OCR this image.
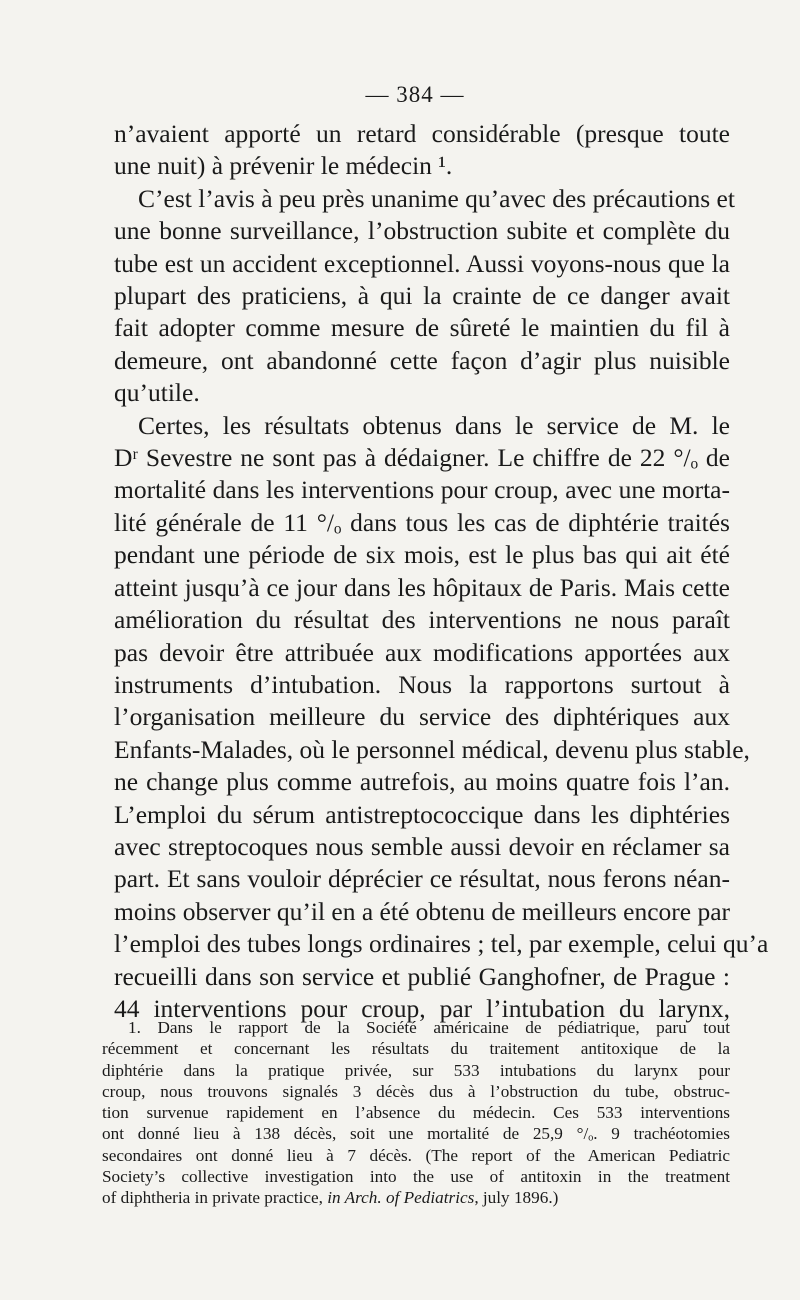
— 384 —
n’avaient apporté un retard considérable (presque toute
une nuit) à prévenir le médecin ¹.
C’est l’avis à peu près unanime qu’avec des précautions et
une bonne surveillance, l’obstruction subite et complète du
tube est un accident exceptionnel. Aussi voyons-nous que la
plupart des praticiens, à qui la crainte de ce danger avait
fait adopter comme mesure de sûreté le maintien du fil à
demeure, ont abandonné cette façon d’agir plus nuisible
qu’utile.
Certes, les résultats obtenus dans le service de M. le
Dʳ Sevestre ne sont pas à dédaigner. Le chiffre de 22 °/ₒ de
mortalité dans les interventions pour croup, avec une morta-
lité générale de 11 °/ₒ dans tous les cas de diphtérie traités
pendant une période de six mois, est le plus bas qui ait été
atteint jusqu’à ce jour dans les hôpitaux de Paris. Mais cette
amélioration du résultat des interventions ne nous paraît
pas devoir être attribuée aux modifications apportées aux
instruments d’intubation. Nous la rapportons surtout à
l’organisation meilleure du service des diphtériques aux
Enfants-Malades, où le personnel médical, devenu plus stable,
ne change plus comme autrefois, au moins quatre fois l’an.
L’emploi du sérum antistreptococcique dans les diphtéries
avec streptocoques nous semble aussi devoir en réclamer sa
part. Et sans vouloir déprécier ce résultat, nous ferons néan-
moins observer qu’il en a été obtenu de meilleurs encore par
l’emploi des tubes longs ordinaires ; tel, par exemple, celui qu’a
recueilli dans son service et publié Ganghofner, de Prague :
44 interventions pour croup, par l’intubation du larynx,
1. Dans le rapport de la Société américaine de pédiatrique, paru tout
récemment et concernant les résultats du traitement antitoxique de la
diphtérie dans la pratique privée, sur 533 intubations du larynx pour
croup, nous trouvons signalés 3 décès dus à l’obstruction du tube, obstruc-
tion survenue rapidement en l’absence du médecin. Ces 533 interventions
ont donné lieu à 138 décès, soit une mortalité de 25,9 °/ₒ. 9 trachéotomies
secondaires ont donné lieu à 7 décès. (The report of the American Pediatric
Society’s collective investigation into the use of antitoxin in the treatment
of diphtheria in private practice, in Arch. of Pediatrics, july 1896.)
